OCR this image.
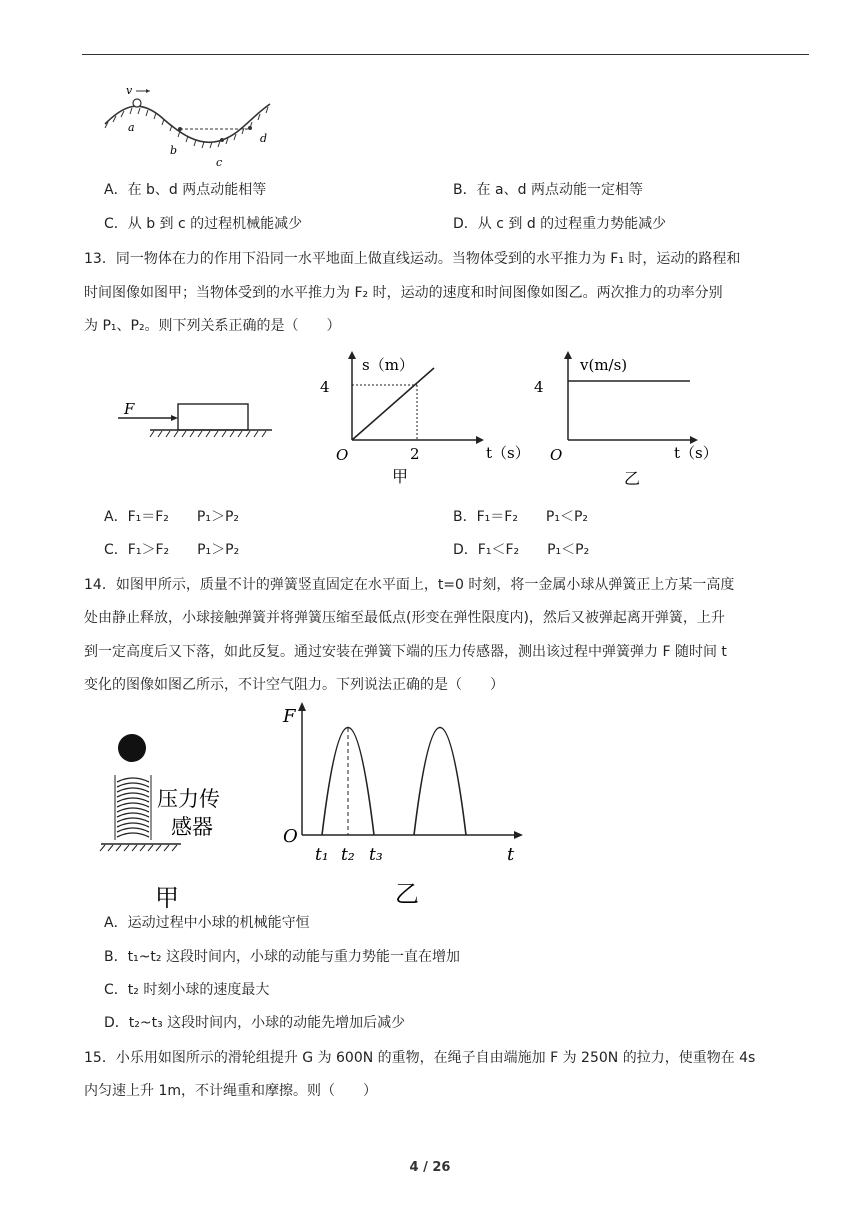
v
a
b
c
d
A．在 b、d 两点动能相等	B．在 a、d 两点动能一定相等
C．从 b 到 c 的过程机械能减少	D．从 c 到 d 的过程重力势能减少
13．同一物体在力的作用下沿同一水平地面上做直线运动。当物体受到的水平推力为 F₁ 时，运动的路程和
时间图像如图甲；当物体受到的水平推力为 F₂ 时，运动的速度和时间图像如图乙。两次推力的功率分别
为 P₁、P₂。则下列关系正确的是（　　）
F
s（m）
4
2
O	t（s）
甲
v(m/s)
4
O	t（s）
乙
A．F₁＝F₂　　P₁＞P₂	B．F₁＝F₂　　P₁＜P₂
C．F₁＞F₂　　P₁＞P₂	D．F₁＜F₂　　P₁＜P₂
14．如图甲所示，质量不计的弹簧竖直固定在水平面上，t=0 时刻，将一金属小球从弹簧正上方某一高度
处由静止释放，小球接触弹簧并将弹簧压缩至最低点(形变在弹性限度内)，然后又被弹起离开弹簧，上升
到一定高度后又下落，如此反复。通过安装在弹簧下端的压力传感器，测出该过程中弹簧弹力 F 随时间 t
变化的图像如图乙所示，不计空气阻力。下列说法正确的是（　　）
压力传
感器
甲
F
O
t₁ t₂ t₃	t
乙
A．运动过程中小球的机械能守恒
B．t₁~t₂ 这段时间内，小球的动能与重力势能一直在增加
C．t₂ 时刻小球的速度最大
D．t₂~t₃ 这段时间内，小球的动能先增加后减少
15．小乐用如图所示的滑轮组提升 G 为 600N 的重物，在绳子自由端施加 F 为 250N 的拉力，使重物在 4s
内匀速上升 1m，不计绳重和摩擦。则（　　）
4 / 26
